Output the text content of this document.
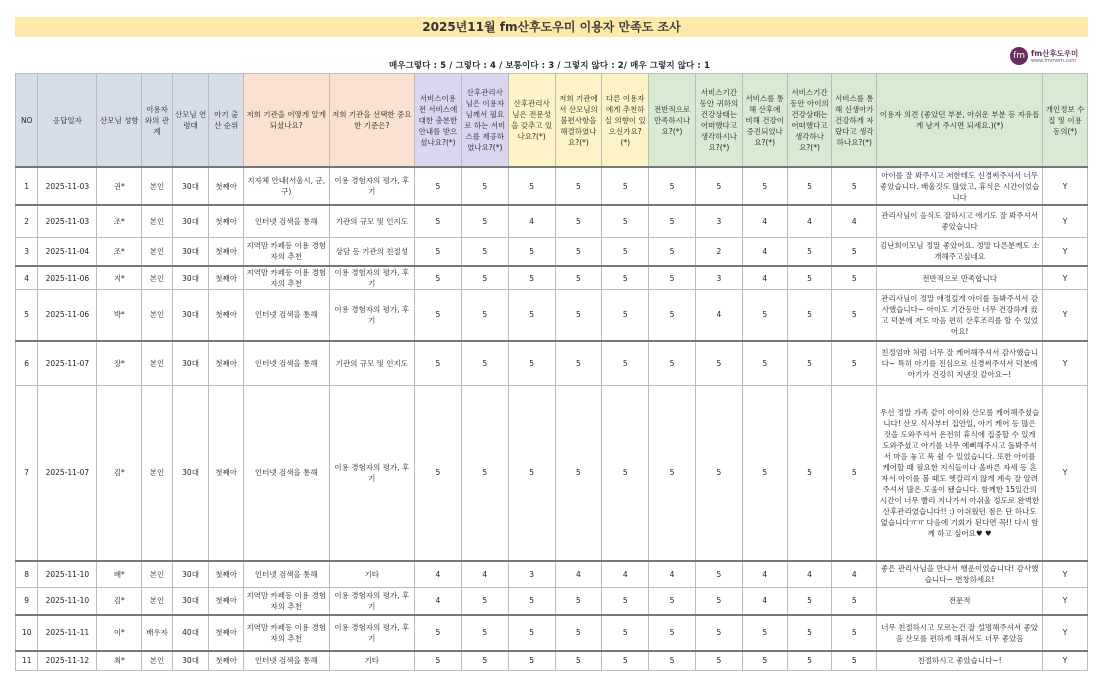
2025년11월 fm산후도우미 이용자 만족도 조사
매우그렇다 : 5 / 그렇다 : 4 / 보통이다 : 3 / 그렇지 않다 : 2/ 매우 그렇지 않다 : 1
fm fm산후도우미
www.fmmom.com
NO	응답일자	산모님 성함	이용자와의 관계	산모님 연령대	아기 출산 순위	저희 기관을 어떻게 알게 되셨나요?	저희 기관을 선택한 중요한 기준은?	서비스이용 전 서비스에 대한 충분한 안내를 받으셨나요?(*)	산후관리사님은 이용자님께서 필요로 하는 서비스를 제공하였나요?(*)	산후관리사님은 전문성을 갖추고 있나요?(*)	저희 기관에서 산모님의 불편사항을 해결하였나요?(*)	다른 이용자에게 추천하실 의향이 있으신가요?(*)	전반적으로 만족하시나요?(*)	서비스기간 동안 귀하의 건강상태는 어떠했다고 생각하시나요?(*)	서비스를 통해 산후에 비해 건강이 증진되었나요?(*)	서비스기간 동안 아이의 건강상태는 어떠했다고 생각하나요?(*)	서비스를 통해 신생아가 건강하게 자랐다고 생각하나요?(*)	이용자 의견 (좋았던 부분, 아쉬운 부분 등 자유롭게 남겨 주시면 되세요.)(*)	개인정보 수집 및 이용 동의(*)
1	2025-11-03	권*	본인	30대	첫째아	지자체 안내(서울시, 군,구)	이용 경험자의 평가, 후기	5	5	5	5	5	5	5	5	5	5	아이를 잘 봐주시고 저한테도 신경써주셔서 너무 좋았습니다. 배울것도 많았고, 휴식은 시간이었습니다	Y
2	2025-11-03	조*	본인	30대	첫째아	인터넷 검색을 통해	기관의 규모 및 인지도	5	5	4	5	5	5	3	4	4	4	관리사님이 음식도 잘하시고 애기도 잘 봐주셔서 좋았습니다	Y
3	2025-11-04	조*	본인	30대	첫째아	지역맘 카페등 이용 경험자의 추천	상담 등 기관의 친절성	5	5	5	5	5	5	2	4	5	5	김난희이모님 정말 좋았어요. 정말 다른분께도 소개해주고싶네요	Y
4	2025-11-06	지*	본인	30대	첫째아	지역맘 카페등 이용 경험자의 추천	이용 경험자의 평가, 후기	5	5	5	5	5	5	3	4	5	5	전반적으로 만족합니다	Y
5	2025-11-06	박*	본인	30대	첫째아	인터넷 검색을 통해	이용 경험자의 평가, 후기	5	5	5	5	5	5	4	5	5	5	관리사님이 정말 애정깊게 아이를 돌봐주셔서 감사했습니다~ 아이도 기간동안 너무 건강하게 컸고 덕분에 저도 마음 편히 산후조리를 할 수 있었어요!	Y
6	2025-11-07	장*	본인	30대	첫째아	인터넷 검색을 통해	기관의 규모 및 인지도	5	5	5	5	5	5	5	5	5	5	친정엄마 처럼 너무 잘 케어해주셔서 감사했습니다~ 특히 아기를 진심으로 신경써주셔서 덕분에 아기가 건강히 지낸것 같아요~!	Y
7	2025-11-07	김*	본인	30대	첫째아	인터넷 검색을 통해	이용 경험자의 평가, 후기	5	5	5	5	5	5	5	5	5	5	우선 정말 가족 같이 아이와 산모를 케어해주셨습니다! 산모 식사부터 집안일, 아기 케어 등 많은 것을 도와주셔서 온전히 휴식에 집중할 수 있게 도와주셨고 아기를 너무 예뻐해주시고 돌봐주셔서 마음 놓고 푹 쉴 수 있었습니다. 또한 아이를 케어할 때 필요한 지식들이나 올바른 자세 등 혼자서 아이를 볼 때도 헷갈리지 않게 계속 잘 알려주셔서 많은 도움이 됐습니다. 함께한 15일간의 시간이 너무 빨리 지나가서 아쉬울 정도로 완벽한 산후관리였습니다!! :) 아쉬웠던 점은 단 하나도 없습니다ㅠㅠ 다음에 기회가 된다면 꼭!! 다시 함께 하고 싶어요♥ ♥	Y
8	2025-11-10	배*	본인	30대	첫째아	인터넷 검색을 통해	기타	4	4	3	4	4	4	5	4	4	4	좋은 관리사님을 만나서 행운이었습니다! 감사했습니다~ 번창하세요!	Y
9	2025-11-10	김*	본인	30대	첫째아	지역맘 카페등 이용 경험자의 추천	이용 경험자의 평가, 후기	4	5	5	5	5	5	5	4	5	5	전문적	Y
10	2025-11-11	이*	배우자	40대	첫째아	지역맘 카페등 이용 경험자의 추천	이용 경험자의 평가, 후기	5	5	5	5	5	5	5	5	5	5	너무 친절하시고 모르는건 잘 설명해주셔서 좋았음 산모를 편하게 해줘서도 너무 좋았음	Y
11	2025-11-12	최*	본인	30대	첫째아	인터넷 검색을 통해	기타	5	5	5	5	5	5	5	5	5	5	친절하시고 좋았습니다~!	Y
